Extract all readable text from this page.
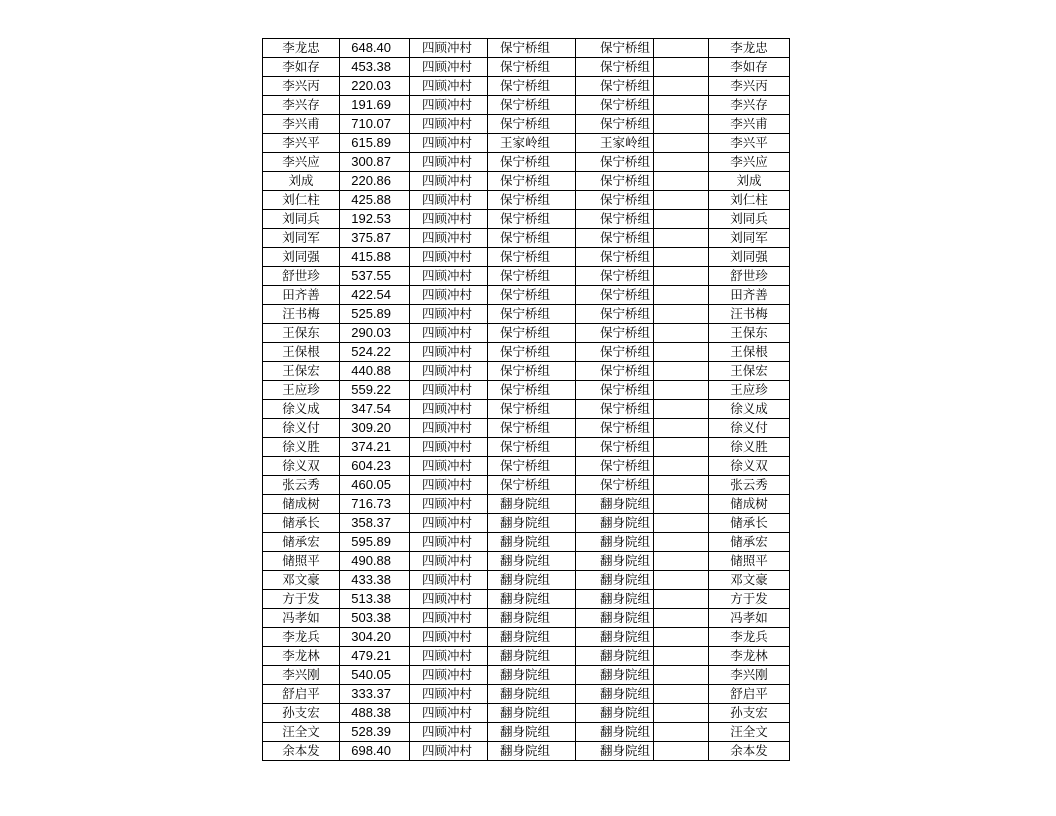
李龙忠	648.40	四顾冲村	保宁桥组	保宁桥组		李龙忠
李如存	453.38	四顾冲村	保宁桥组	保宁桥组		李如存
李兴丙	220.03	四顾冲村	保宁桥组	保宁桥组		李兴丙
李兴存	191.69	四顾冲村	保宁桥组	保宁桥组		李兴存
李兴甫	710.07	四顾冲村	保宁桥组	保宁桥组		李兴甫
李兴平	615.89	四顾冲村	王家岭组	王家岭组		李兴平
李兴应	300.87	四顾冲村	保宁桥组	保宁桥组		李兴应
刘成	220.86	四顾冲村	保宁桥组	保宁桥组		刘成
刘仁柱	425.88	四顾冲村	保宁桥组	保宁桥组		刘仁柱
刘同兵	192.53	四顾冲村	保宁桥组	保宁桥组		刘同兵
刘同军	375.87	四顾冲村	保宁桥组	保宁桥组		刘同军
刘同强	415.88	四顾冲村	保宁桥组	保宁桥组		刘同强
舒世珍	537.55	四顾冲村	保宁桥组	保宁桥组		舒世珍
田齐善	422.54	四顾冲村	保宁桥组	保宁桥组		田齐善
汪书梅	525.89	四顾冲村	保宁桥组	保宁桥组		汪书梅
王保东	290.03	四顾冲村	保宁桥组	保宁桥组		王保东
王保根	524.22	四顾冲村	保宁桥组	保宁桥组		王保根
王保宏	440.88	四顾冲村	保宁桥组	保宁桥组		王保宏
王应珍	559.22	四顾冲村	保宁桥组	保宁桥组		王应珍
徐义成	347.54	四顾冲村	保宁桥组	保宁桥组		徐义成
徐义付	309.20	四顾冲村	保宁桥组	保宁桥组		徐义付
徐义胜	374.21	四顾冲村	保宁桥组	保宁桥组		徐义胜
徐义双	604.23	四顾冲村	保宁桥组	保宁桥组		徐义双
张云秀	460.05	四顾冲村	保宁桥组	保宁桥组		张云秀
储成树	716.73	四顾冲村	翻身院组	翻身院组		储成树
储承长	358.37	四顾冲村	翻身院组	翻身院组		储承长
储承宏	595.89	四顾冲村	翻身院组	翻身院组		储承宏
储照平	490.88	四顾冲村	翻身院组	翻身院组		储照平
邓文豪	433.38	四顾冲村	翻身院组	翻身院组		邓文豪
方于发	513.38	四顾冲村	翻身院组	翻身院组		方于发
冯孝如	503.38	四顾冲村	翻身院组	翻身院组		冯孝如
李龙兵	304.20	四顾冲村	翻身院组	翻身院组		李龙兵
李龙林	479.21	四顾冲村	翻身院组	翻身院组		李龙林
李兴刚	540.05	四顾冲村	翻身院组	翻身院组		李兴刚
舒启平	333.37	四顾冲村	翻身院组	翻身院组		舒启平
孙支宏	488.38	四顾冲村	翻身院组	翻身院组		孙支宏
汪全文	528.39	四顾冲村	翻身院组	翻身院组		汪全文
余本发	698.40	四顾冲村	翻身院组	翻身院组		余本发
